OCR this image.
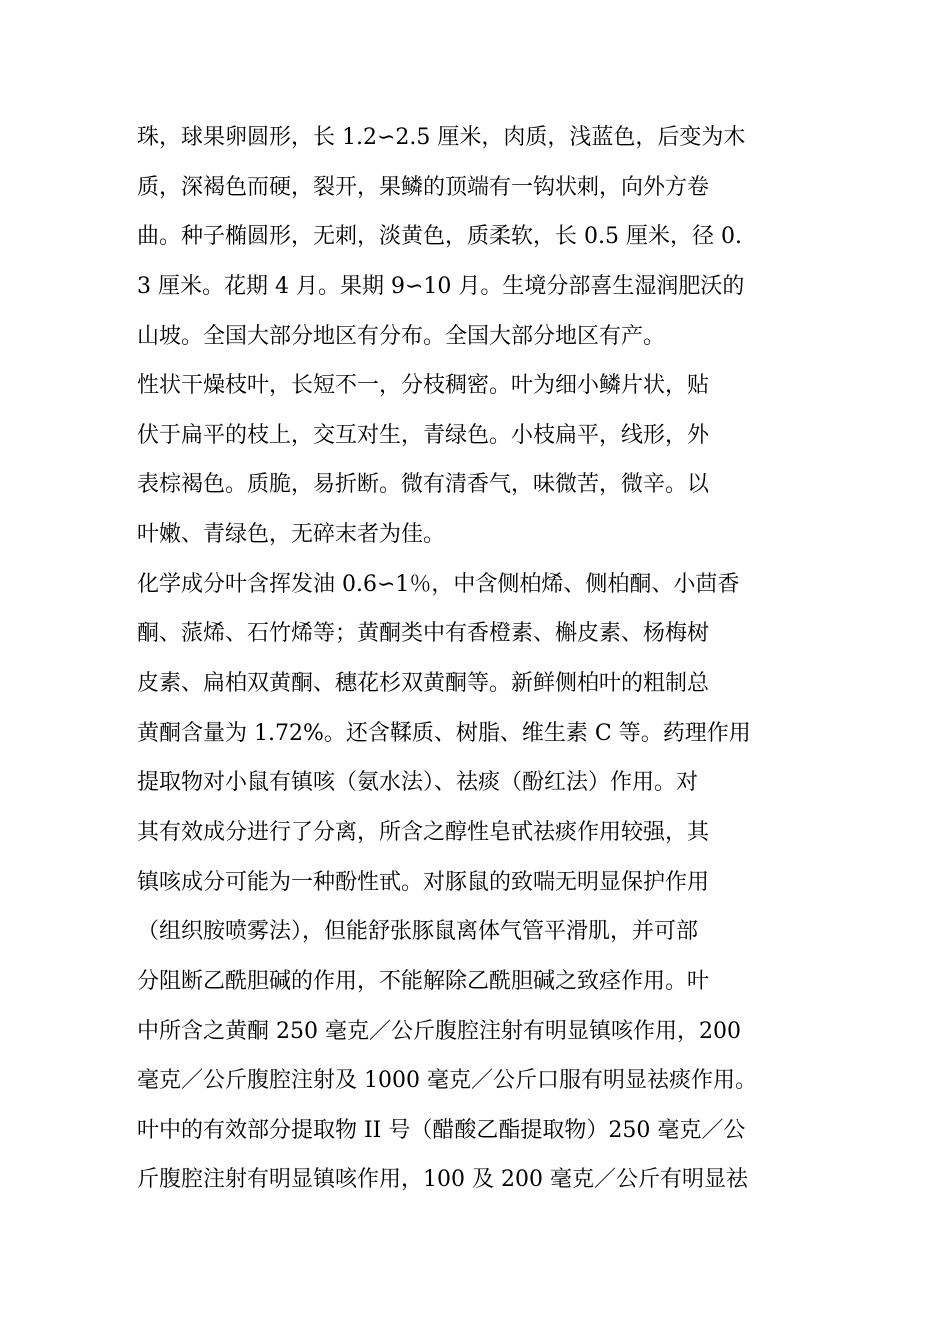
珠，球果卵圆形，长 1.2∽2.5 厘米，肉质，浅蓝色，后变为木
质，深褐色而硬，裂开，果鳞的顶端有一钩状刺，向外方卷
曲。种子椭圆形，无刺，淡黄色，质柔软，长 0.5 厘米，径 0.
3 厘米。花期 4 月。果期 9∽10 月。生境分部喜生湿润肥沃的
山坡。全国大部分地区有分布。全国大部分地区有产。
性状干燥枝叶，长短不一，分枝稠密。叶为细小鳞片状，贴
伏于扁平的枝上，交互对生，青绿色。小枝扁平，线形，外
表棕褐色。质脆，易折断。微有清香气，味微苦，微辛。以
叶嫩、青绿色，无碎末者为佳。
化学成分叶含挥发油 0.6∽1％，中含侧柏烯、侧柏酮、小茴香
酮、蒎烯、石竹烯等；黄酮类中有香橙素、槲皮素、杨梅树
皮素、扁柏双黄酮、穗花杉双黄酮等。新鲜侧柏叶的粗制总
黄酮含量为 1.72%。还含鞣质、树脂、维生素 C 等。药理作用
提取物对小鼠有镇咳（氨水法）、祛痰（酚红法）作用。对
其有效成分进行了分离，所含之醇性皂甙祛痰作用较强，其
镇咳成分可能为一种酚性甙。对豚鼠的致喘无明显保护作用
（组织胺喷雾法），但能舒张豚鼠离体气管平滑肌，并可部
分阻断乙酰胆碱的作用，不能解除乙酰胆碱之致痉作用。叶
中所含之黄酮 250 毫克／公斤腹腔注射有明显镇咳作用，200
毫克／公斤腹腔注射及 1000 毫克／公斤口服有明显祛痰作用。
叶中的有效部分提取物 II 号（醋酸乙酯提取物）250 毫克／公
斤腹腔注射有明显镇咳作用，100 及 200 毫克／公斤有明显祛
